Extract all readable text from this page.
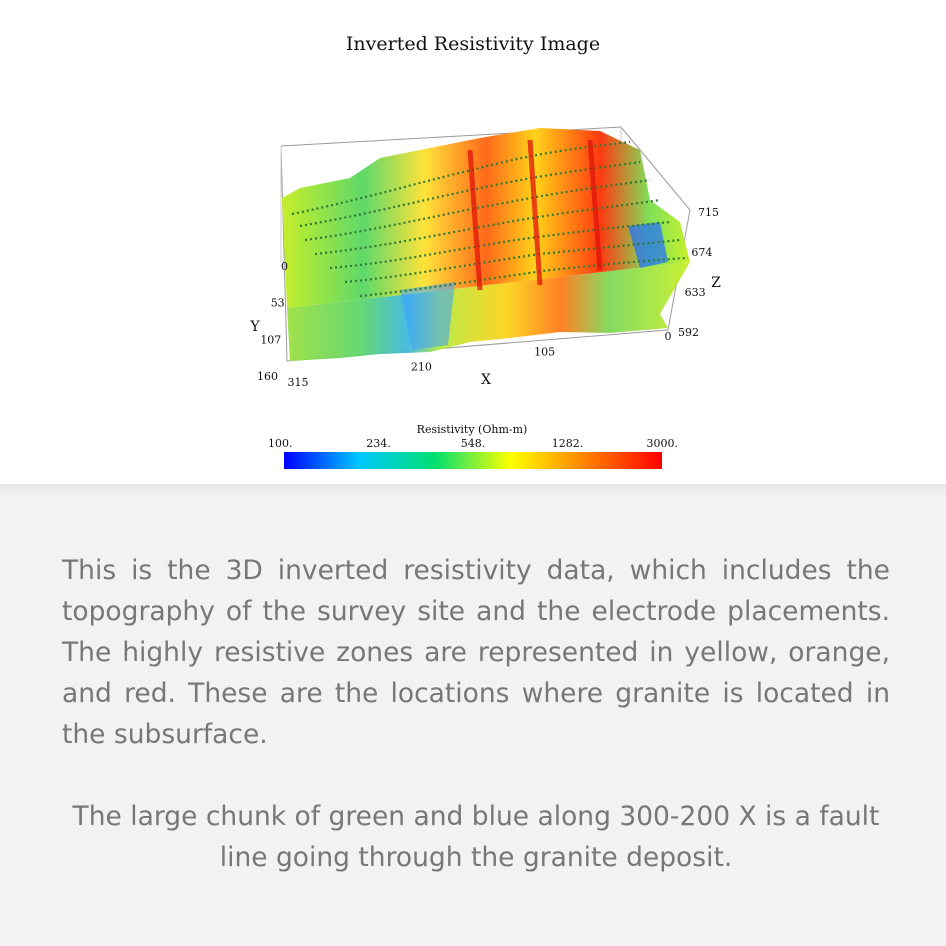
Inverted Resistivity Image
X
Y
Z
315
210
105
0
0
53
107
160
715
674
633
592
Resistivity (Ohm-m)
100.	234.	548.	1282.	3000.

This is the 3D inverted resistivity data, which includes the topography of the survey site and the electrode placements. The highly resistive zones are represented in yellow, orange, and red. These are the locations where granite is located in the subsurface.

The large chunk of green and blue along 300-200 X is a fault line going through the granite deposit.
